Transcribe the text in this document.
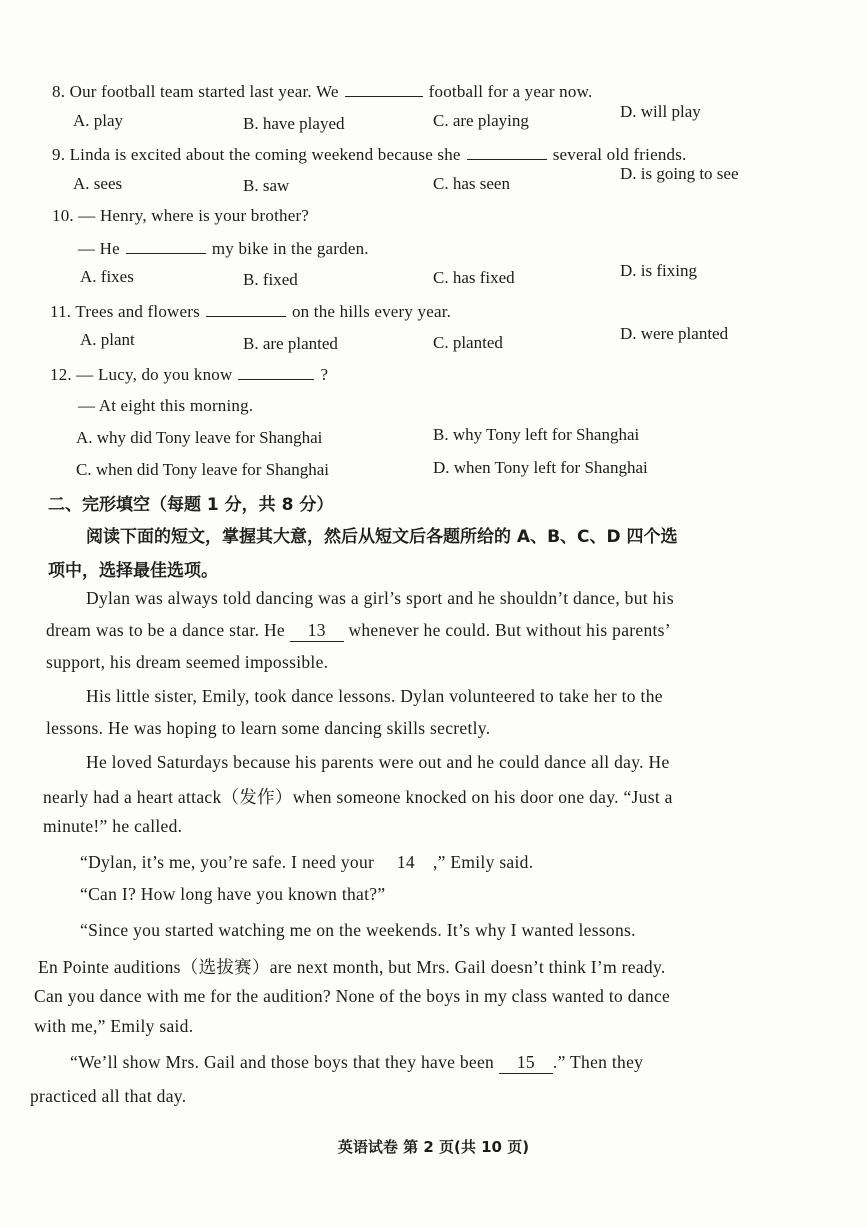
8. Our football team started last year. We	football for a year now.
A. play	B. have played	C. are playing	D. will play
9. Linda is excited about the coming weekend because she	several old friends.
A. sees	B. saw	C. has seen
D. is going to see
10. — Henry, where is your brother?
— He	my bike in the garden.
A. fixes	B. fixed	C. has fixed	D. is fixing
11. Trees and flowers	on the hills every year.
A. plant	B. are planted	C. planted	D. were planted
12. — Lucy, do you know	?
— At eight this morning.
A. why did Tony leave for Shanghai	B. why Tony left for Shanghai
C. when did Tony leave for Shanghai	D. when Tony left for Shanghai
二、完形填空（每题 1 分，共 8 分）
阅读下面的短文，掌握其大意，然后从短文后各题所给的 A、B、C、D 四个选
项中，选择最佳选项。
Dylan was always told dancing was a girl’s sport and he shouldn’t dance, but his
dream was to be a dance star. He 13 whenever he could. But without his parents’
support, his dream seemed impossible.
His little sister, Emily, took dance lessons. Dylan volunteered to take her to the
lessons. He was hoping to learn some dancing skills secretly.
He loved Saturdays because his parents were out and he could dance all day. He
nearly had a heart attack（发作）when someone knocked on his door one day. “Just a
minute!” he called.
“Dylan, it’s me, you’re safe. I need your 14 ,” Emily said.
“Can I? How long have you known that?”
“Since you started watching me on the weekends. It’s why I wanted lessons.
En Pointe auditions（选拔赛）are next month, but Mrs. Gail doesn’t think I’m ready.
Can you dance with me for the audition? None of the boys in my class wanted to dance
with me,” Emily said.
“We’ll show Mrs. Gail and those boys that they have been 15 .” Then they
practiced all that day.
英语试卷 第 2 页(共 10 页)
